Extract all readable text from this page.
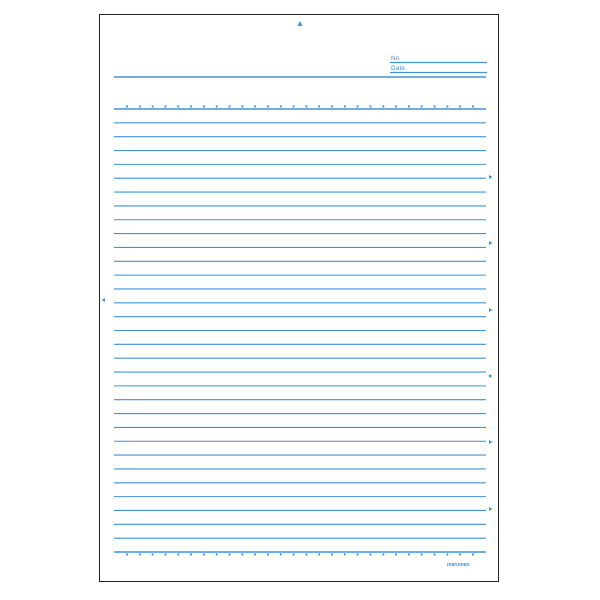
No
Date
maruman
